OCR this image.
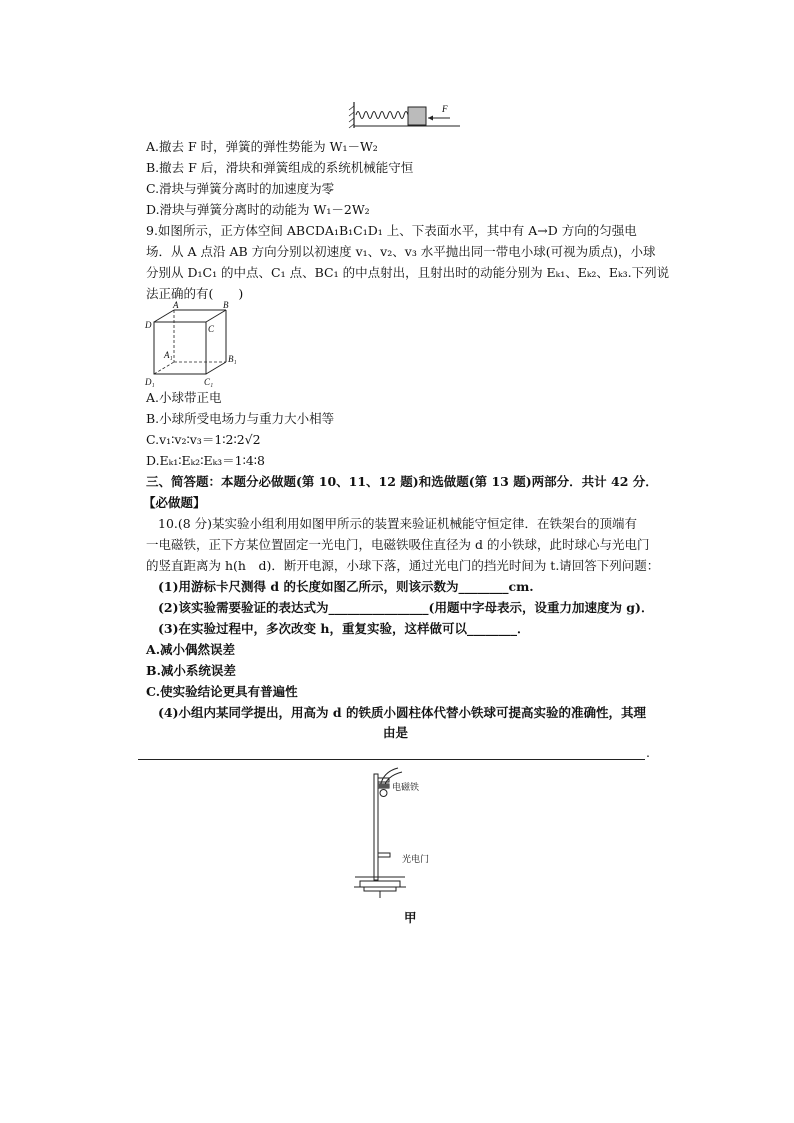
F
A.撤去 F 时，弹簧的弹性势能为 W₁－W₂
B.撤去 F 后，滑块和弹簧组成的系统机械能守恒
C.滑块与弹簧分离时的加速度为零
D.滑块与弹簧分离时的动能为 W₁－2W₂
9.如图所示，正方体空间 ABCDA₁B₁C₁D₁ 上、下表面水平，其中有 A→D 方向的匀强电
场．从 A 点沿 AB 方向分别以初速度 v₁、v₂、v₃ 水平抛出同一带电小球(可视为质点)，小球
分别从 D₁C₁ 的中点、C₁ 点、BC₁ 的中点射出，且射出时的动能分别为 Eₖ₁、Eₖ₂、Eₖ₃.下列说
法正确的有(　　)
A	B
C
D
A₁	B₁
C₁
D₁
A.小球带正电
B.小球所受电场力与重力大小相等
C.v₁∶v₂∶v₃＝1∶2∶2√2
D.Eₖ₁∶Eₖ₂∶Eₖ₃＝1∶4∶8
三、简答题：本题分必做题(第 10、11、12 题)和选做题(第 13 题)两部分．共计 42 分．
【必做题】
10.(8 分)某实验小组利用如图甲所示的装置来验证机械能守恒定律．在铁架台的顶端有
一电磁铁，正下方某位置固定一光电门，电磁铁吸住直径为 d 的小铁球，此时球心与光电门
的竖直距离为 h(h　d)．断开电源，小球下落，通过光电门的挡光时间为 t.请回答下列问题：
(1)用游标卡尺测得 d 的长度如图乙所示，则该示数为________cm.
(2)该实验需要验证的表达式为________________(用题中字母表示，设重力加速度为 g)．
(3)在实验过程中，多次改变 h，重复实验，这样做可以________．
A.减小偶然误差
B.减小系统误差
C.使实验结论更具有普遍性
(4)小组内某同学提出，用高为 d 的铁质小圆柱体代替小铁球可提高实验的准确性，其理
由是
.
电磁铁
光电门
甲
